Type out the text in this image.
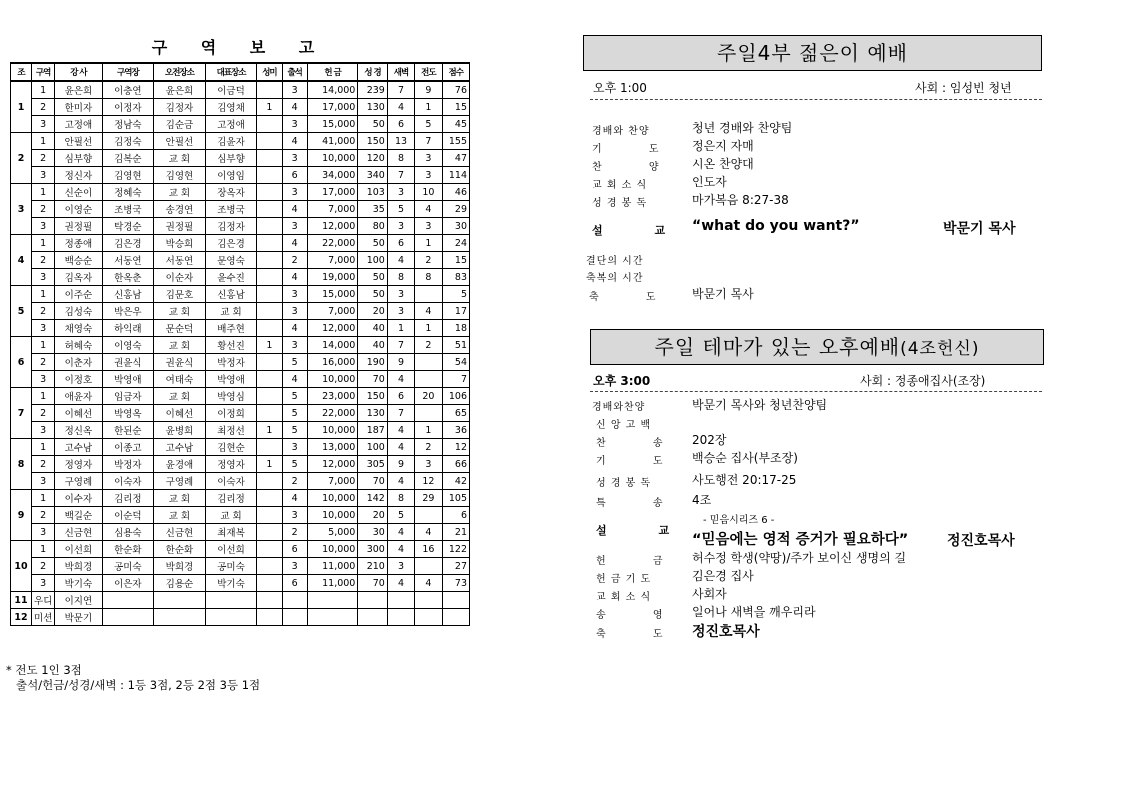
구 역 보 고
조	구역	강 사	구역장	오전장소	대표장소	성미	출석	헌 금	성 경	새벽	전도	점수
1	1	윤은희	이충연	윤은희	이금덕		3	14,000	239	7	9	76
	2	한미자	이정자	김정자	김영채	1	4	17,000	130	4	1	15
	3	고정애	정남숙	김순금	고정애		3	15,000	50	6	5	45
2	1	안필선	김정숙	안필선	김윤자		4	41,000	150	13	7	155
	2	심부향	김복순	교 회	심부향		3	10,000	120	8	3	47
	3	정신자	김영현	김영현	이영임		6	34,000	340	7	3	114
3	1	신순이	정혜숙	교 회	장옥자		3	17,000	103	3	10	46
	2	이영순	조병국	송경연	조병국		4	7,000	35	5	4	29
	3	권정필	탁경순	권정필	김정자		3	12,000	80	3	3	30
4	1	정종애	김은경	박승희	김은경		4	22,000	50	6	1	24
	2	백승순	서동연	서동연	문영숙		2	7,000	100	4	2	15
	3	김옥자	한옥춘	이순자	윤수진		4	19,000	50	8	8	83
5	1	이주순	신홍남	김문호	신홍남		3	15,000	50	3		5
	2	김성숙	박은우	교 회	교 회		3	7,000	20	3	4	17
	3	채영숙	하익래	문순덕	배주현		4	12,000	40	1	1	18
6	1	허혜숙	이영숙	교 회	황선진	1	3	14,000	40	7	2	51
	2	이춘자	권윤식	권윤식	박정자		5	16,000	190	9		54
	3	이정호	박영애	여태숙	박영애		4	10,000	70	4		7
7	1	애윤자	임금자	교 회	박영심		5	23,000	150	6	20	106
	2	이혜선	박영옥	이혜선	이정희		5	22,000	130	7		65
	3	정신옥	한된순	윤병희	최정선	1	5	10,000	187	4	1	36
8	1	고수남	이종고	고수남	김현순		3	13,000	100	4	2	12
	2	정영자	박정자	윤경애	정영자	1	5	12,000	305	9	3	66
	3	구영례	이숙자	구영례	이숙자		2	7,000	70	4	12	42
9	1	이수자	김리정	교 회	김리정		4	10,000	142	8	29	105
	2	백길순	이순덕	교 회	교 회		3	10,000	20	5		6
	3	신금현	심용숙	신금현	최재복		2	5,000	30	4	4	21
10	1	이선희	한순화	한순화	이선희		6	10,000	300	4	16	122
	2	박희경	공미숙	박희경	공미숙		3	11,000	210	3		27
	3	박기숙	이은자	김용순	박기숙		6	11,000	70	4	4	73
11	우디	이지연										
12	미션	박문기										
* 전도 1인 3점
출석/헌금/성경/새벽 : 1등 3점, 2등 2점 3등 1점
주일4부 젊은이 예배
오후 1:00	사회 : 임성빈 청년
경배와 찬양	청년 경배와 찬양팀
기 도 정은지 자매
찬 양 시온 찬양대
교 회 소 식	인도자
성 경 봉 독	마가복음 8:27-38
설 교 “what do you want?”	박문기 목사
결단의 시간
축복의 시간
축 도 박문기 목사
주일 테마가 있는 오후예배(4조헌신)
오후 3:00	사회 : 정종애집사(조장)
경배와찬양	박문기 목사와 청년찬양팀
신 앙 고 백
찬 송 202장
기 도 백승순 집사(부조장)
성 경 봉 독	사도행전 20:17-25
특 송 4조
- 믿음시리즈 6 -
설 교
“믿음에는 영적 증거가 필요하다”	정진호목사
헌 금 허수정 학생(약땅)/주가 보이신 생명의 길
헌 금 기 도	김은경 집사
교 회 소 식	사회자
송 영 일어나 새벽을 깨우리라
축 도 정진호목사
